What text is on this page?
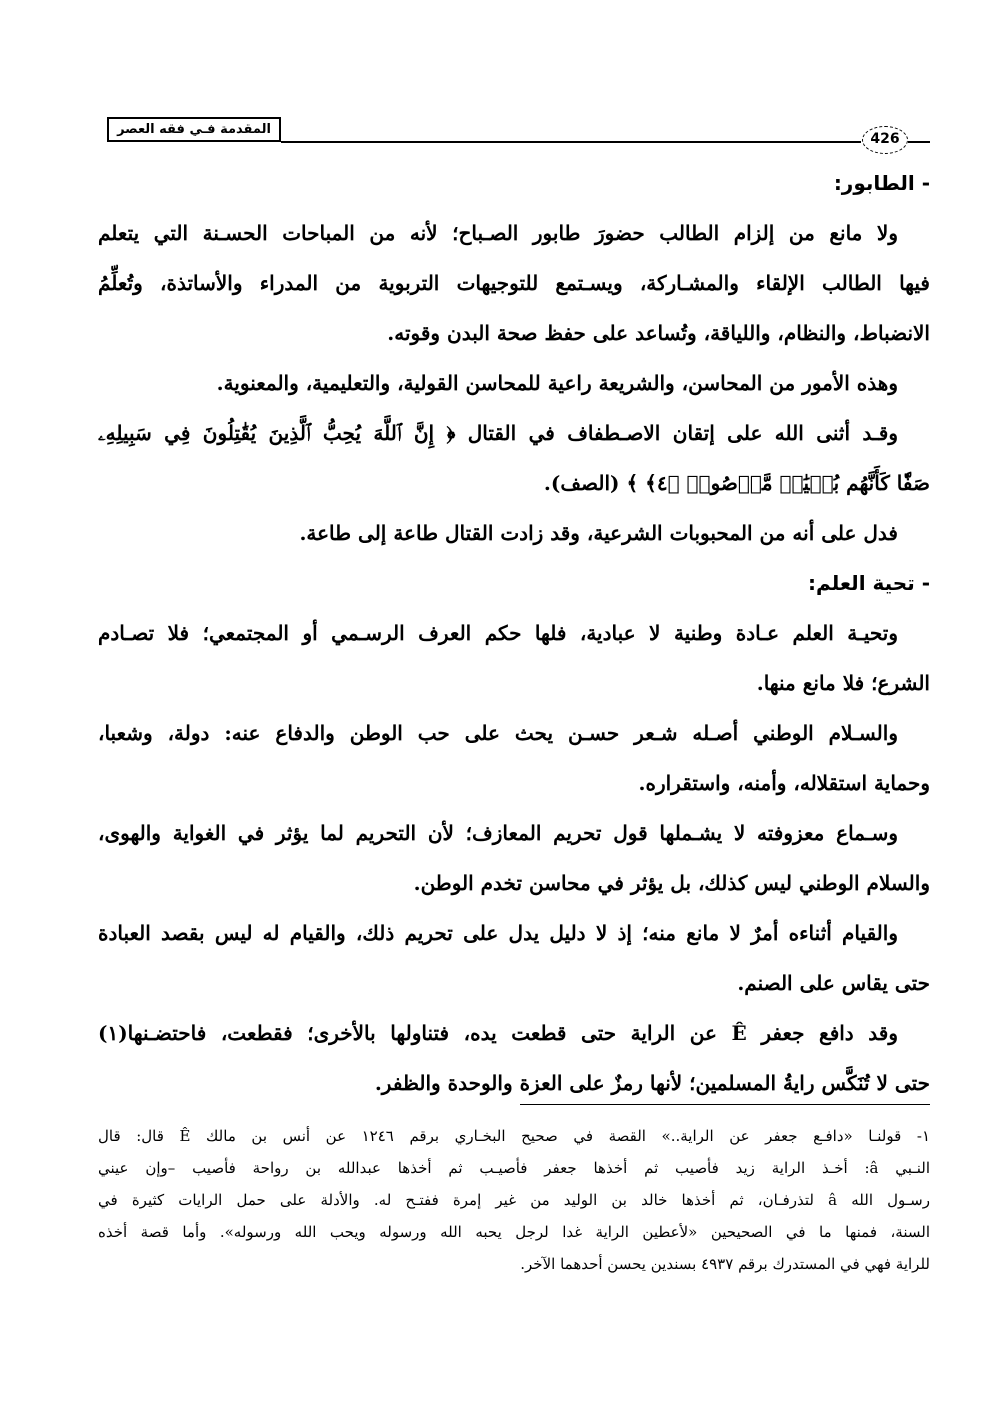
المقدمة فـي فقه العصر
426
- الطابور:
ولا مانع من إلزام الطالب حضورَ طابور الصـباح؛ لأنه من المباحات الحسـنة التي يتعلم
فيها الطالب الإلقاء والمشـاركة، ويسـتمع للتوجيهات التربوية من المدراء والأساتذة، وتُعلِّمُ
الانضباط، والنظام، واللياقة، وتُساعد على حفظ صحة البدن وقوته.
وهذه الأمور من المحاسن، والشريعة راعية للمحاسن القولية، والتعليمية، والمعنوية.
وقـد أثنى الله على إتقان الاصـطفاف في القتال ﴿ إِنَّ ٱللَّهَ يُحِبُّ ٱلَّذِينَ يُقَٰتِلُونَ فِي سَبِيلِهِۦ
صَفّٗا كَأَنَّهُم بُنۡيَٰنٞ مَّرۡصُوصٞ ﴿٤﴾ ﴾ (الصف).
فدل على أنه من المحبوبات الشرعية، وقد زادت القتال طاعة إلى طاعة.
- تحية العلم:
وتحيـة العلم عـادة وطنية لا عبادية، فلها حكم العرف الرسـمي أو المجتمعي؛ فلا تصـادم
الشرع؛ فلا مانع منها.
والسـلام الوطني أصـله شـعر حسـن يحث على حب الوطن والدفاع عنه: دولة، وشعبا،
وحماية استقلاله، وأمنه، واستقراره.
وسـماع معزوفته لا يشـملها قول تحريم المعازف؛ لأن التحريم لما يؤثر في الغواية والهوى،
والسلام الوطني ليس كذلك، بل يؤثر في محاسن تخدم الوطن.
والقيام أثناءه أمرٌ لا مانع منه؛ إذ لا دليل يدل على تحريم ذلك، والقيام له ليس بقصد العبادة
حتى يقاس على الصنم.
وقد دافع جعفر Ê عن الراية حتى قطعت يده، فتناولها بالأخرى؛ فقطعت، فاحتضـنها(١)
حتى لا تُنَكَّس رايةُ المسلمين؛ لأنها رمزٌ على العزة والوحدة والظفر.
١- قولنـا «دافـع جعفر عن الراية..» القصة في صحيح البخـاري برقم ١٢٤٦ عن أنس بن مالك Ê قال: قال
النـبي â: أخـذ الراية زيد فأصيب ثم أخذها جعفر فأصيـب ثم أخذها عبدالله بن رواحة فأصيب –وإن عيني
رسـول الله â لتذرفـان، ثم أخذها خالد بن الوليد من غير إمرة ففتـح له. والأدلة على حمل الرايات كثيرة في
السنة، فمنها ما في الصحيحين «لأعطين الراية غدا لرجل يحبه الله ورسوله ويحب الله ورسوله». وأما قصة أخذه
للراية فهي في المستدرك برقم ٤٩٣٧ بسندين يحسن أحدهما الآخر.
